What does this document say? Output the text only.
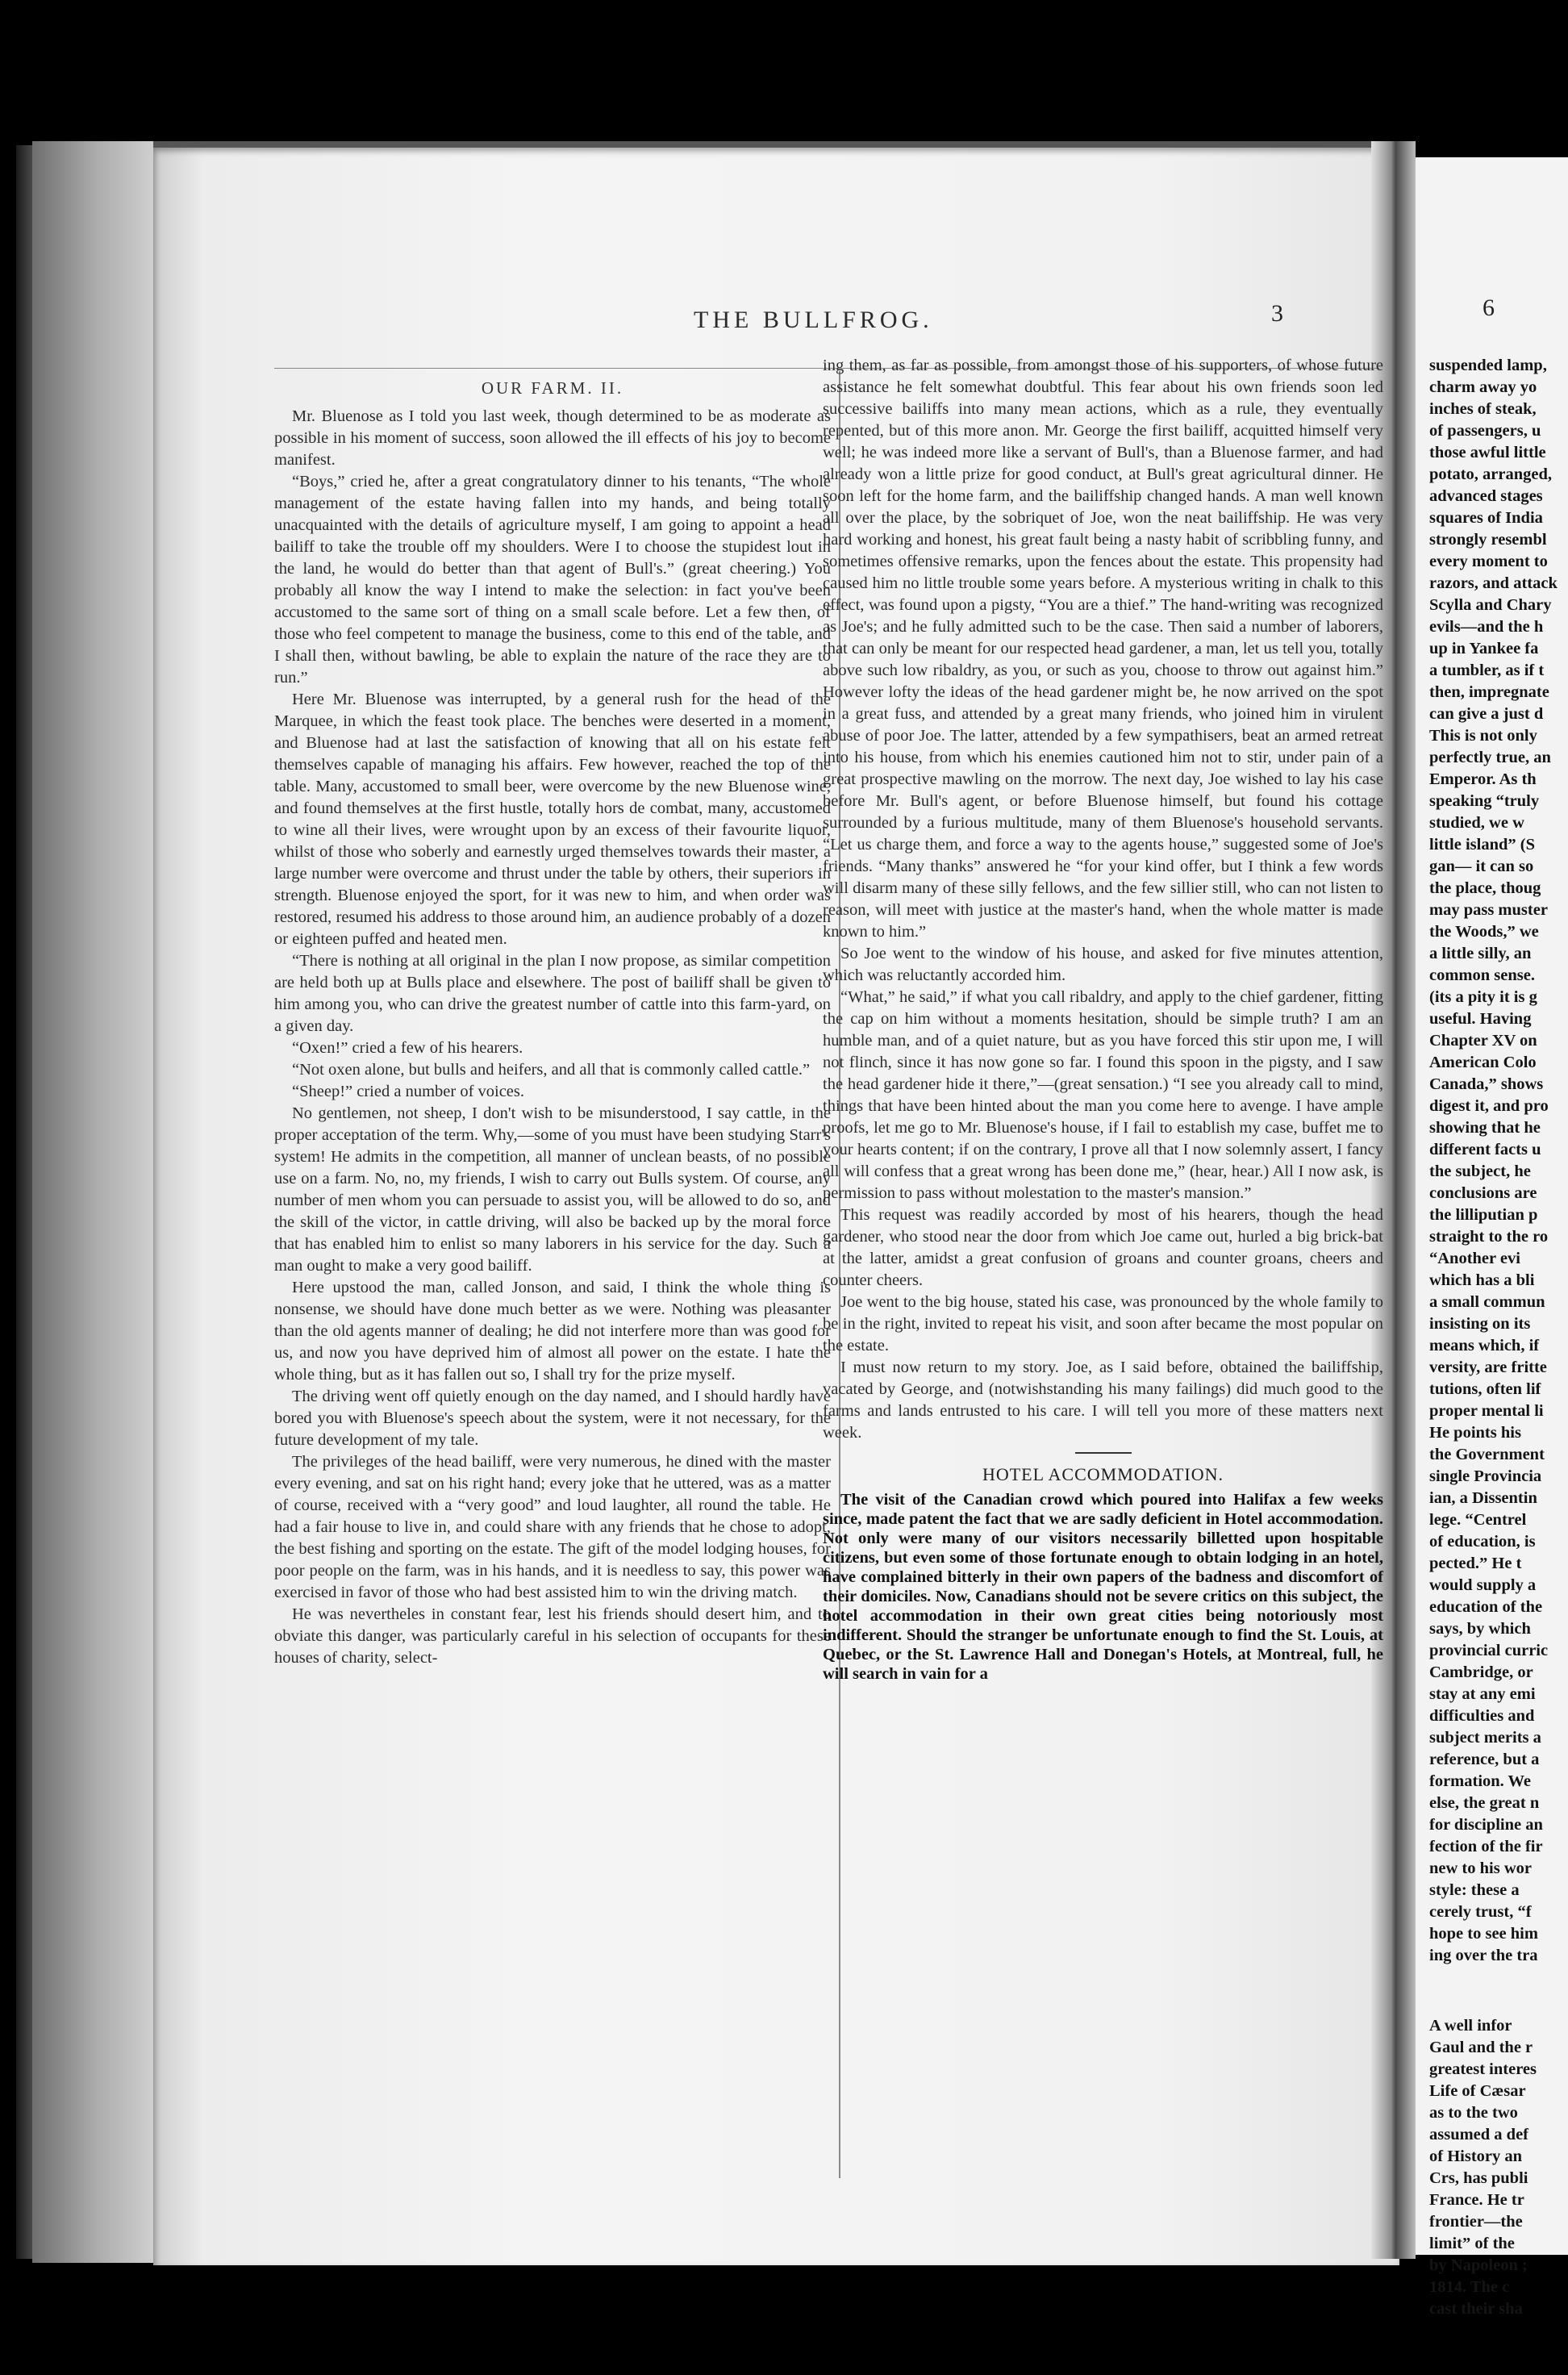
THE BULLFROG.	3
OUR FARM. II.

Mr. Bluenose as I told you last week, though determined to be as moderate as possible in his moment of success, soon allowed the ill effects of his joy to become manifest.

“Boys,” cried he, after a great congratulatory dinner to his tenants, “The whole management of the estate having fallen into my hands, and being totally unacquainted with the details of agriculture myself, I am going to appoint a head bailiff to take the trouble off my shoulders. Were I to choose the stupidest lout in the land, he would do better than that agent of Bull's.” (great cheering.) You probably all know the way I intend to make the selection: in fact you've been accustomed to the same sort of thing on a small scale before. Let a few then, of those who feel competent to manage the business, come to this end of the table, and I shall then, without bawling, be able to explain the nature of the race they are to run.”

Here Mr. Bluenose was interrupted, by a general rush for the head of the Marquee, in which the feast took place. The benches were deserted in a moment, and Bluenose had at last the satisfaction of knowing that all on his estate felt themselves capable of managing his affairs. Few however, reached the top of the table. Many, accustomed to small beer, were overcome by the new Bluenose wine, and found themselves at the first hustle, totally hors de combat, many, accustomed to wine all their lives, were wrought upon by an excess of their favourite liquor, whilst of those who soberly and earnestly urged themselves towards their master, a large number were overcome and thrust under the table by others, their superiors in strength. Bluenose enjoyed the sport, for it was new to him, and when order was restored, resumed his address to those around him, an audience probably of a dozen or eighteen puffed and heated men.

“There is nothing at all original in the plan I now propose, as similar competition are held both up at Bulls place and elsewhere. The post of bailiff shall be given to him among you, who can drive the greatest number of cattle into this farm-yard, on a given day.

“Oxen!” cried a few of his hearers.

“Not oxen alone, but bulls and heifers, and all that is commonly called cattle.”

“Sheep!” cried a number of voices.

No gentlemen, not sheep, I don't wish to be misunderstood, I say cattle, in the proper acceptation of the term. Why,—some of you must have been studying Starr's system! He admits in the competition, all manner of unclean beasts, of no possible use on a farm. No, no, my friends, I wish to carry out Bulls system. Of course, any number of men whom you can persuade to assist you, will be allowed to do so, and the skill of the victor, in cattle driving, will also be backed up by the moral force that has enabled him to enlist so many laborers in his service for the day. Such a man ought to make a very good bailiff.

Here upstood the man, called Jonson, and said, I think the whole thing is nonsense, we should have done much better as we were. Nothing was pleasanter than the old agents manner of dealing; he did not interfere more than was good for us, and now you have deprived him of almost all power on the estate. I hate the whole thing, but as it has fallen out so, I shall try for the prize myself.

The driving went off quietly enough on the day named, and I should hardly have bored you with Bluenose's speech about the system, were it not necessary, for the future development of my tale.

The privileges of the head bailiff, were very numerous, he dined with the master every evening, and sat on his right hand; every joke that he uttered, was as a matter of course, received with a “very good” and loud laughter, all round the table. He had a fair house to live in, and could share with any friends that he chose to adopt, the best fishing and sporting on the estate. The gift of the model lodging houses, for poor people on the farm, was in his hands, and it is needless to say, this power was exercised in favor of those who had best assisted him to win the driving match.

He was nevertheles in constant fear, lest his friends should desert him, and to obviate this danger, was particularly careful in his selection of occupants for these houses of charity, select-

ing them, as far as possible, from amongst those of his supporters, of whose future assistance he felt somewhat doubtful. This fear about his own friends soon led successive bailiffs into many mean actions, which as a rule, they eventually repented, but of this more anon. Mr. George the first bailiff, acquitted himself very well; he was indeed more like a servant of Bull's, than a Bluenose farmer, and had already won a little prize for good conduct, at Bull's great agricultural dinner. He soon left for the home farm, and the bailiffship changed hands. A man well known all over the place, by the sobriquet of Joe, won the neat bailiffship. He was very hard working and honest, his great fault being a nasty habit of scribbling funny, and sometimes offensive remarks, upon the fences about the estate. This propensity had caused him no little trouble some years before. A mysterious writing in chalk to this effect, was found upon a pigsty, “You are a thief.” The hand-writing was recognized as Joe's; and he fully admitted such to be the case. Then said a number of laborers, that can only be meant for our respected head gardener, a man, let us tell you, totally above such low ribaldry, as you, or such as you, choose to throw out against him.” However lofty the ideas of the head gardener might be, he now arrived on the spot in a great fuss, and attended by a great many friends, who joined him in virulent abuse of poor Joe. The latter, attended by a few sympathisers, beat an armed retreat into his house, from which his enemies cautioned him not to stir, under pain of a great prospective mawling on the morrow. The next day, Joe wished to lay his case before Mr. Bull's agent, or before Bluenose himself, but found his cottage surrounded by a furious multitude, many of them Bluenose's household servants. “Let us charge them, and force a way to the agents house,” suggested some of Joe's friends. “Many thanks” answered he “for your kind offer, but I think a few words will disarm many of these silly fellows, and the few sillier still, who can not listen to reason, will meet with justice at the master's hand, when the whole matter is made known to him.”

So Joe went to the window of his house, and asked for five minutes attention, which was reluctantly accorded him.

“What,” he said,” if what you call ribaldry, and apply to the chief gardener, fitting the cap on him without a moments hesitation, should be simple truth? I am an humble man, and of a quiet nature, but as you have forced this stir upon me, I will not flinch, since it has now gone so far. I found this spoon in the pigsty, and I saw the head gardener hide it there,”—(great sensation.) “I see you already call to mind, things that have been hinted about the man you come here to avenge. I have ample proofs, let me go to Mr. Bluenose's house, if I fail to establish my case, buffet me to your hearts content; if on the contrary, I prove all that I now solemnly assert, I fancy all will confess that a great wrong has been done me,” (hear, hear.) All I now ask, is permission to pass without molestation to the master's mansion.”

This request was readily accorded by most of his hearers, though the head gardener, who stood near the door from which Joe came out, hurled a big brick-bat at the latter, amidst a great confusion of groans and counter groans, cheers and counter cheers.

Joe went to the big house, stated his case, was pronounced by the whole family to be in the right, invited to repeat his visit, and soon after became the most popular on the estate.

I must now return to my story. Joe, as I said before, obtained the bailiffship, vacated by George, and (notwishstanding his many failings) did much good to the farms and lands entrusted to his care. I will tell you more of these matters next week.

HOTEL ACCOMMODATION.

The visit of the Canadian crowd which poured into Halifax a few weeks since, made patent the fact that we are sadly deficient in Hotel accommodation. Not only were many of our visitors necessarily billetted upon hospitable citizens, but even some of those fortunate enough to obtain lodging in an hotel, have complained bitterly in their own papers of the badness and discomfort of their domiciles. Now, Canadians should not be severe critics on this subject, the hotel accommodation in their own great cities being notoriously most indifferent. Should the stranger be unfortunate enough to find the St. Louis, at Quebec, or the St. Lawrence Hall and Donegan's Hotels, at Montreal, full, he will search in vain for a

6
suspended lamp,
charm away yo
inches of steak,
of passengers, u
those awful little
potato, arranged,
advanced stages
squares of India
strongly resembl
every moment to
razors, and attack
Scylla and Chary
evils—and the h
up in Yankee fa
a tumbler, as if t
then, impregnate
can give a just d
This is not only
perfectly true, an
Emperor. As th
speaking “truly
studied, we w
little island” (S
gan— it can so
the place, thoug
may pass muster
the Woods,” we
a little silly, an
common sense.
(its a pity it is g
useful. Having
Chapter XV on
American Colo
Canada,” shows
digest it, and pro
showing that he
different facts u
the subject, he
conclusions are
the lilliputian p
straight to the ro
“Another evi
which has a bli
a small commun
insisting on its
means which, if
versity, are fritte
tutions, often lif
proper mental li
He points his
the Government
single Provincia
ian, a Dissentin
lege. “Centrel
of education, is
pected.” He t
would supply a
education of the
says, by which
provincial curric
Cambridge, or
stay at any emi
difficulties and
subject merits a
reference, but a
formation. We
else, the great n
for discipline an
fection of the fir
new to his wor
style: these a
cerely trust, “f
hope to see him
ing over the tra
A well infor
Gaul and the r
greatest interes
Life of Cæsar
as to the two
assumed a def
of History an
Crs, has publi
France. He tr
frontier—the
limit” of the
by Napoleon ;
1814. The c
cast their sha
